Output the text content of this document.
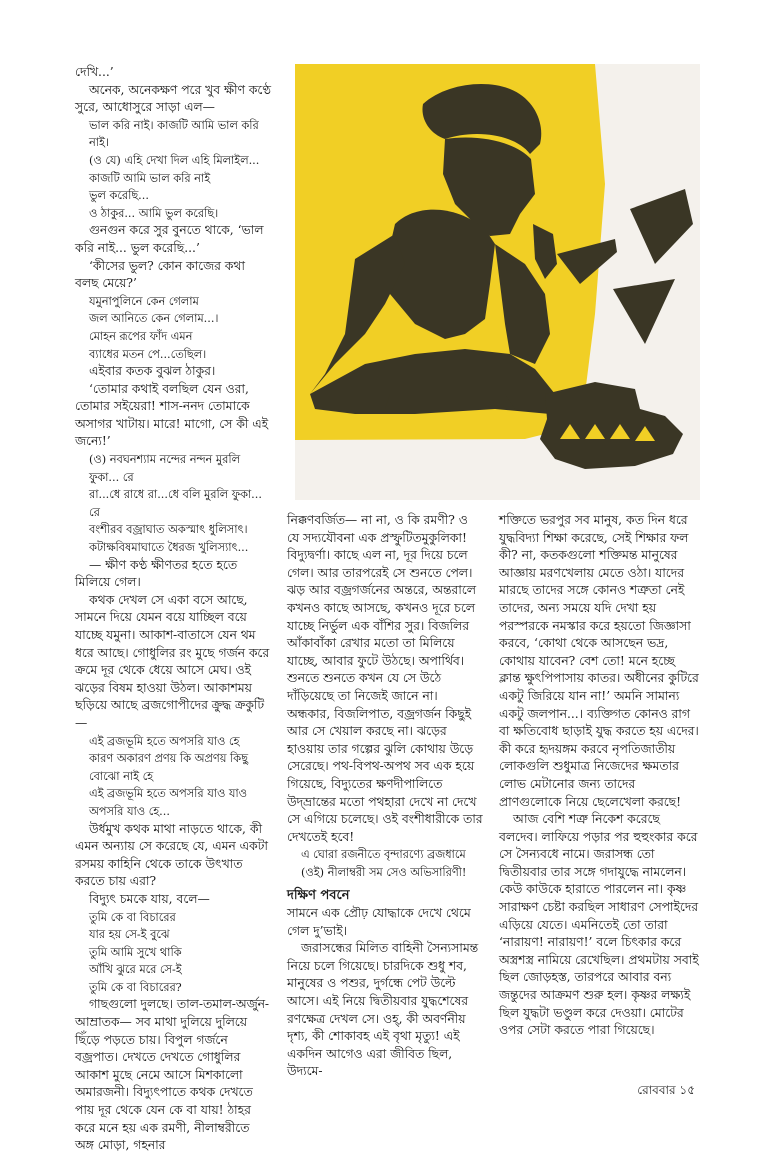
দেখি...’

অনেক, অনেকক্ষণ পরে খুব ক্ষীণ কণ্ঠে সুরে, আধোসুরে সাড়া এল—

ভাল করি নাই। কাজটি আমি ভাল করি নাই।

(ও যে) এহি দেখা দিল এহি মিলাইল...

কাজটি আমি ভাল করি নাই

ভুল করেছি...

ও ঠাকুর... আমি ভুল করেছি।

গুনগুন করে সুর বুনতে থাকে, ‘ভাল করি নাই... ভুল করেছি...’

‘কীসের ভুল? কোন কাজের কথা বলছ মেয়ে?’

যমুনাপুলিনে কেন গেলাম

জল আনিতে কেন গেলাম...।

মোহন রূপের ফাঁদ এমন

ব্যাধের মতন পে...তেছিল।

এইবার কতক বুঝল ঠাকুর।

‘তোমার কথাই বলছিল যেন ওরা, তোমার সইয়েরা! শাস-ননদ তোমাকে অসাগর খাটায়। মারে! মাগো, সে কী এই জন্যে!’

(ও) নবঘনশ্যাম নন্দের নন্দন মুরলি ফুকা... রে

রা...ধে রাধে রা...ধে বলি মুরলি ফুকা... রে

বংশীরব বজ্রাঘাত অকস্মাৎ ধুলিসাৎ।

কটাক্ষবিষমাঘাতে ধৈরজ খুলিস্যাৎ...

— ক্ষীণ কণ্ঠ ক্ষীণতর হতে হতে মিলিয়ে গেল।

কথক দেখল সে একা বসে আছে, সামনে দিয়ে যেমন বয়ে যাচ্ছিল বয়ে যাচ্ছে যমুনা। আকাশ-বাতাসে যেন থম ধরে আছে। গোধুলির রং মুছে গর্জন করে ক্রমে দূর থেকে ধেয়ে আসে মেঘ। ওই ঝড়ের বিষম হাওয়া উঠল। আকাশময় ছড়িয়ে আছে ব্রজগোপীদের ক্রুদ্ধ ক্রকুটি—

এই ব্রজভূমি হতে অপসরি যাও হে

কারণ অকারণ প্রণয় কি অপ্রণয় কিছু বোঝো নাই হে

এই ব্রজভূমি হতে অপসরি যাও যাও অপসরি যাও হে...

উর্ধমুখ কথক মাথা নাড়তে থাকে, কী এমন অন্যায় সে করেছে যে, এমন একটা রসময় কাহিনি থেকে তাকে উৎখাত করতে চায় এরা?

বিদ্যুৎ চমকে যায়, বলে—

তুমি কে বা বিচারের

যার হয় সে-ই বুঝে

তুমি আমি সুখে থাকি

আঁখি ঝুরে মরে সে-ই

তুমি কে বা বিচারের?

গাছগুলো দুলছে। তাল-তমাল-অর্জুন-আম্রাতক— সব মাথা দুলিয়ে দুলিয়ে ছিঁড়ে পড়তে চায়। বিপুল গর্জনে বজ্রপাত। দেখতে দেখতে গোধুলির আকাশ মুছে নেমে আসে মিশকালো অমারজনী। বিদ্যুৎপাতে কথক দেখতে পায় দূর থেকে যেন কে বা যায়! ঠাহর করে মনে হয় এক রমণী, নীলাম্বরীতে অঙ্গ মোড়া, গহনার

নিক্কণবর্জিত— না না, ও কি রমণী? ও যে সদ্যযৌবনা এক প্রস্ফুটিতমুকুলিকা! বিদ্যুদ্বর্ণা। কাছে এল না, দূর দিয়ে চলে গেল। আর তারপরেই সে শুনতে পেল। ঝড় আর বজ্রগর্জনের অন্তরে, অন্তরালে কখনও কাছে আসছে, কখনও দূরে চলে যাচ্ছে নির্ভুল এক বাঁশির সুর। বিজলির আঁকাবাঁকা রেখার মতো তা মিলিয়ে যাচ্ছে, আবার ফুটে উঠছে। অপার্থিব। শুনতে শুনতে কখন যে সে উঠে দাঁড়িয়েছে তা নিজেই জানে না। অন্ধকার, বিজলিপাত, বজ্রগর্জন কিছুই আর সে খেয়াল করছে না। ঝড়ের হাওয়ায় তার গল্পের ঝুলি কোথায় উড়ে সেরেছে। পথ-বিপথ-অপথ সব এক হয়ে গিয়েছে, বিদ্যুতের ক্ষণদীপালিতে উদ্‌ভ্রান্তের মতো পথহারা দেখে না দেখে সে এগিয়ে চলেছে। ওই বংশীধারীকে তার দেখতেই হবে!

এ ঘোরা রজনীতে বৃন্দারণ্যে ব্রজধামে

(ওই) নীলাম্বরী সম সেও অভিসারিণী!

দক্ষিণ পবনে

সামনে এক প্রৌঢ় যোদ্ধাকে দেখে থেমে গেল দু’ভাই।

জরাসন্ধের মিলিত বাহিনী সৈন্যসামন্ত নিয়ে চলে গিয়েছে। চারদিকে শুধু শব, মানুষের ও পশুর, দুর্গন্ধে পেট উল্টে আসে। এই নিয়ে দ্বিতীয়বার যুদ্ধশেষের রণক্ষেত্র দেখল সে। ওহ্, কী অবর্ণনীয় দৃশ্য, কী শোকাবহ এই বৃথা মৃত্যু! এই একদিন আগেও এরা জীবিত ছিল, উদ্যমে-

শক্তিতে ভরপুর সব মানুষ, কত দিন ধরে যুদ্ধবিদ্যা শিক্ষা করেছে, সেই শিক্ষার ফল কী? না, কতকগুলো শক্তিমন্ত মানুষের আজ্ঞায় মরণখেলায় মেতে ওঠা। যাদের মারছে তাদের সঙ্গে কোনও শত্রুতা নেই তাদের, অন্য সময়ে যদি দেখা হয় পরস্পরকে নমস্কার করে হয়তো জিজ্ঞাসা করবে, ‘কোথা থেকে আসছেন ভদ্র, কোথায় যাবেন? বেশ তো! মনে হচ্ছে ক্লান্ত ক্ষুৎপিপাসায় কাতর। অধীনের কুটিরে একটু জিরিয়ে যান না!’ অমনি সামান্য একটু জলপান...। ব্যক্তিগত কোনও রাগ বা ক্ষতিবোধ ছাড়াই যুদ্ধ করতে হয় এদের। কী করে হৃদয়ঙ্গম করবে নৃপতিজাতীয় লোকগুলি শুধুমাত্র নিজেদের ক্ষমতার লোভ মেটানোর জন্য তাদের প্রাণগুলোকে নিয়ে ছেলেখেলা করছে!

আজ বেশি শত্রু নিকেশ করেছে বলদেব। লাফিয়ে পড়ার পর হুহুংকার করে সে সৈন্যবধে নামে। জরাসন্ধ তো দ্বিতীয়বার তার সঙ্গে গদাযুদ্ধে নামলেন। কেউ কাউকে হারাতে পারলেন না। কৃষ্ণ সারাক্ষণ চেষ্টা করছিল সাধারণ সেপাইদের এড়িয়ে যেতে। এমনিতেই তো তারা ‘নারায়ণ! নারায়ণ!’ বলে চিৎকার করে অস্ত্রশস্ত্র নামিয়ে রেখেছিল। প্রথমটায় সবাই ছিল জোড়হস্ত, তারপরে আবার বন্য জন্তুদের আক্রমণ শুরু হল। কৃষ্ণর লক্ষ্যই ছিল যুদ্ধটা ভণ্ডুল করে দেওয়া। মোটের ওপর সেটা করতে পারা গিয়েছে।

রোববার ১৫
